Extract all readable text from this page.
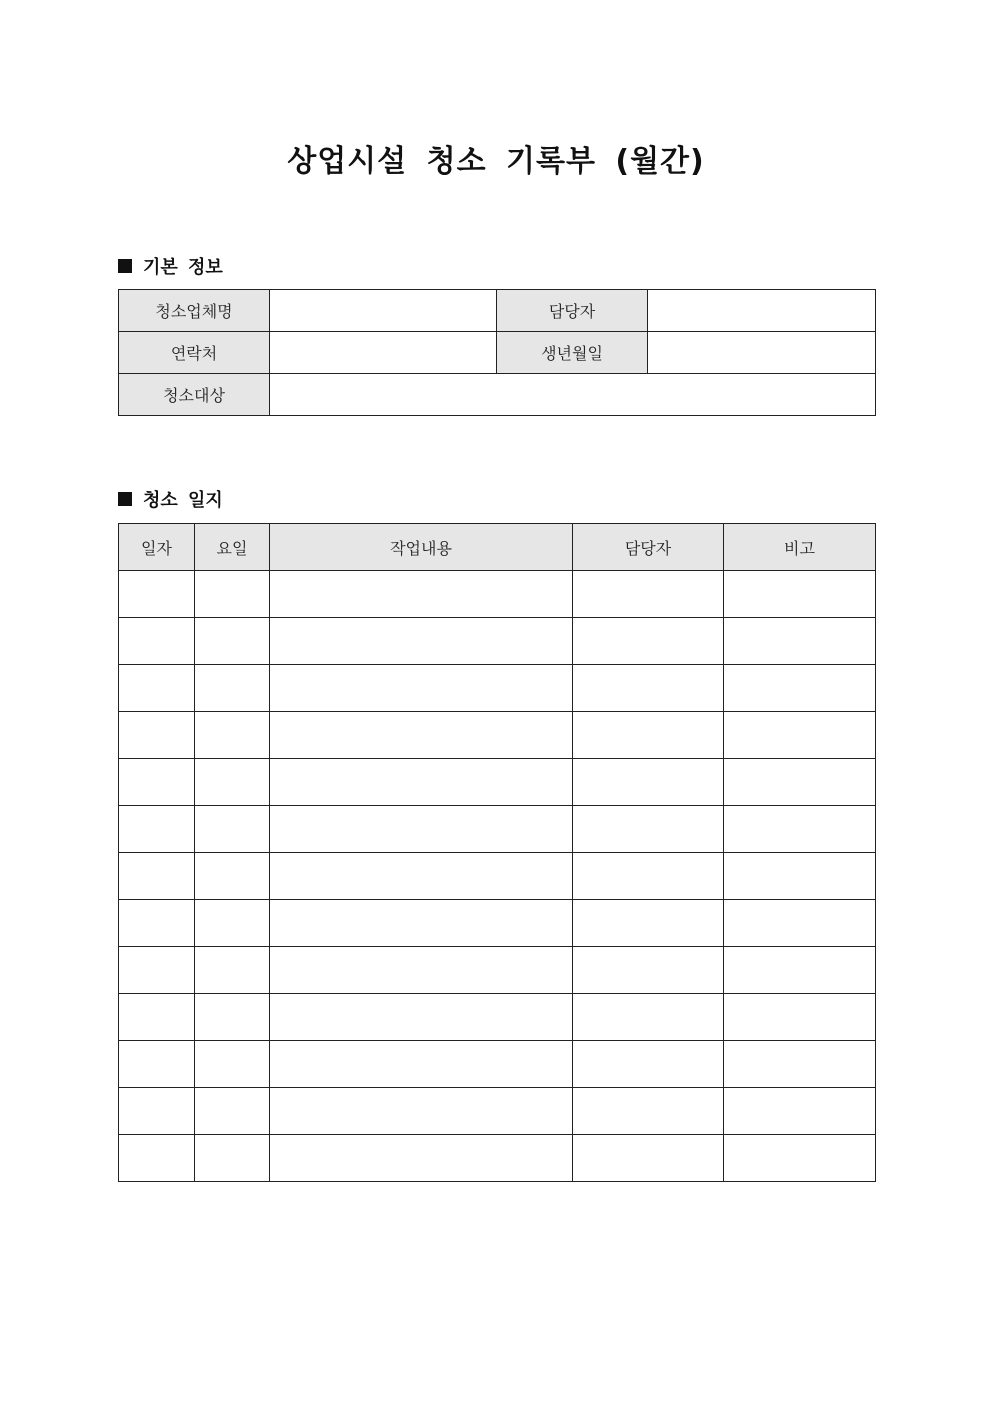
상업시설 청소 기록부 (월간)
기본 정보
청소업체명		담당자	
연락처		생년월일	
청소대상			
청소 일지
일자	요일	작업내용	담당자	비고
